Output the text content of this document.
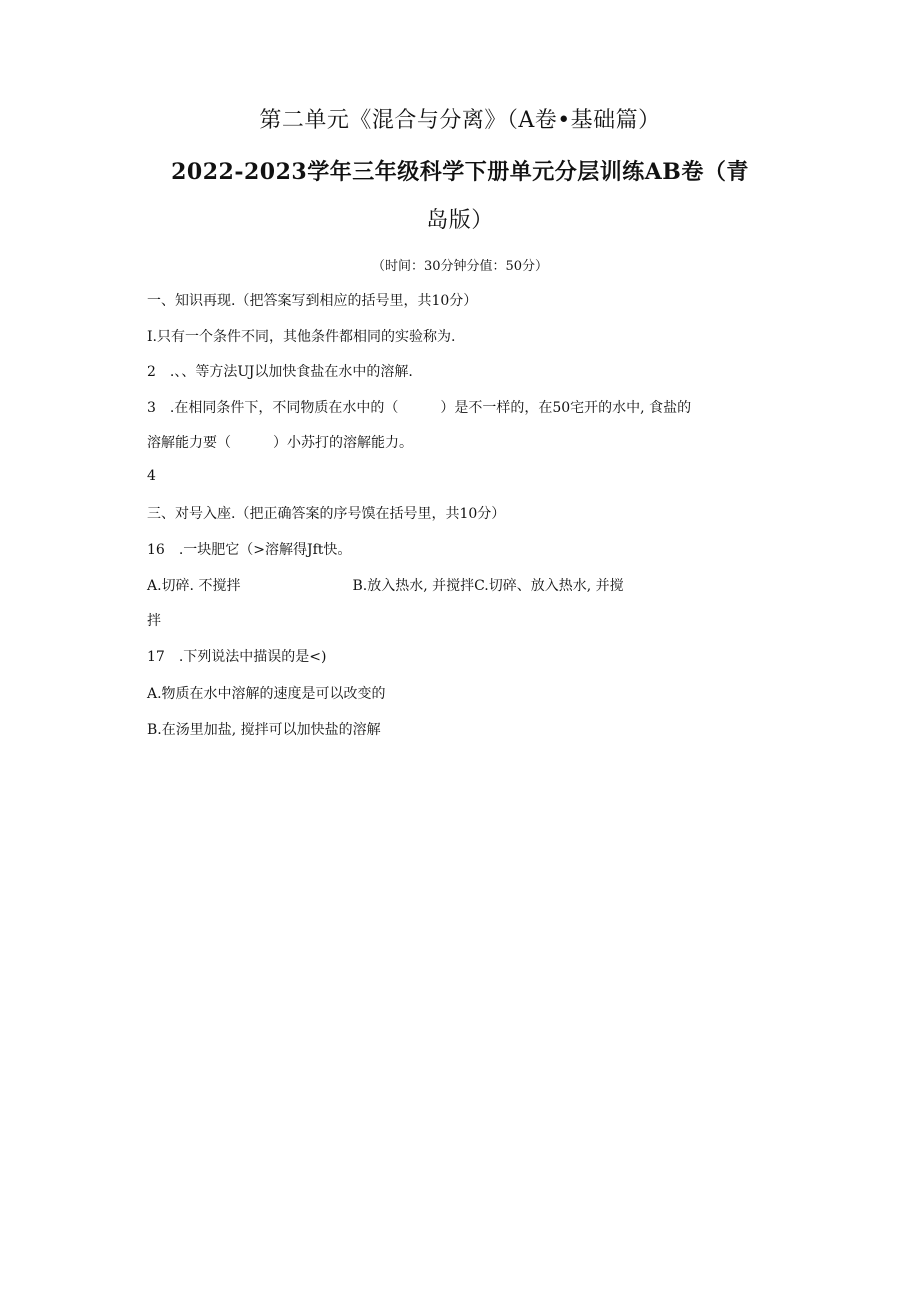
第二单元《混合与分离》（A卷•基础篇）
2022-2023学年三年级科学下册单元分层训练AB卷（青
岛版）
（时间：30分钟分值：50分）
一、知识再现.（把答案写到相应的括号里，共10分）
I.只有一个条件不同，其他条件都相同的实验称为.
2　.、、等方法UJ以加快食盐在水中的溶解.
3　.在相同条件下，不同物质在水中的（　　　）是不一样的，在50宅开的水中, 食盐的
溶解能力要（　　　）小苏打的溶解能力。
4
三、对号入座.（把正确答案的序号馍在括号里，共10分）
16　.一块肥它（>溶解得Jft快。
A.切碎. 不搅拌　　　　　　　　B.放入热水, 并搅拌C.切碎、放入热水, 并搅
拌
17　.下列说法中描误的是<)
A.物质在水中溶解的速度是可以改变的
B.在汤里加盐, 搅拌可以加快盐的溶解
